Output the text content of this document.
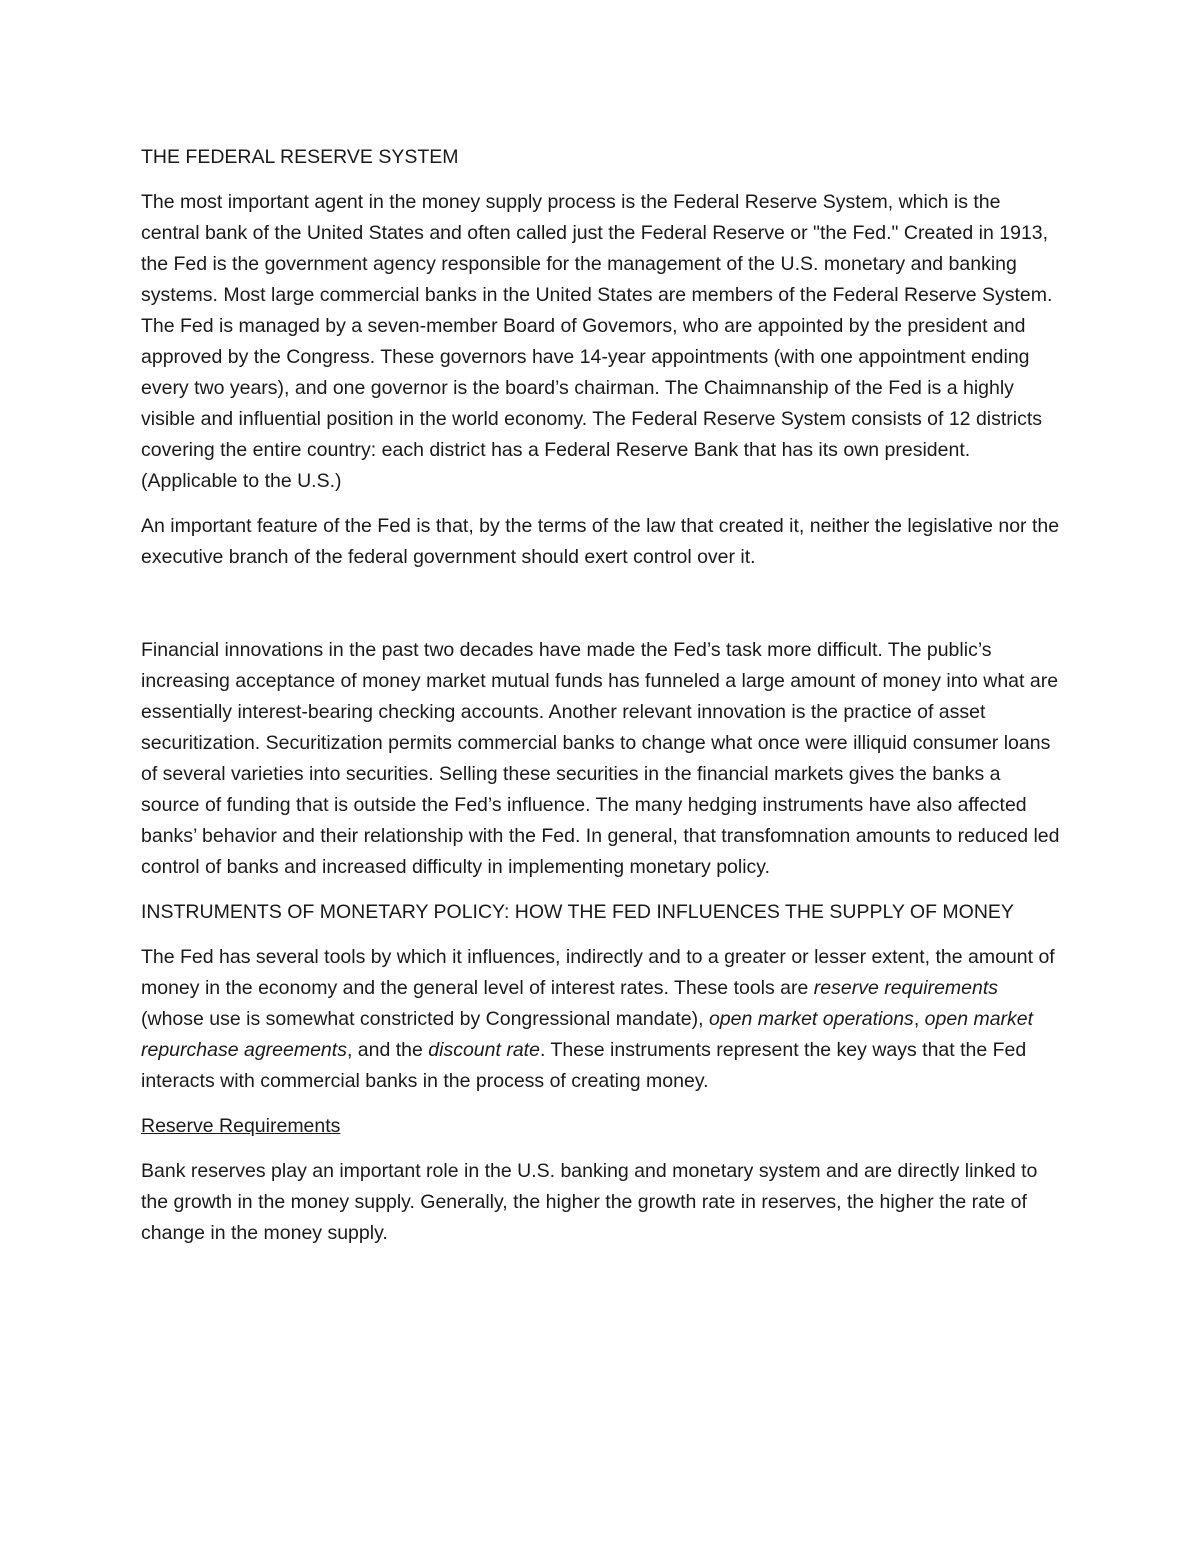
THE FEDERAL RESERVE SYSTEM

The most important agent in the money supply process is the Federal Reserve System, which is the central bank of the United States and often called just the Federal Reserve or "the Fed." Created in 1913, the Fed is the government agency responsible for the management of the U.S. monetary and banking systems. Most large commercial banks in the United States are members of the Federal Reserve System. The Fed is managed by a seven-member Board of Govemors, who are appointed by the president and approved by the Congress. These governors have 14-year appointments (with one appointment ending every two years), and one governor is the board’s chairman. The Chaimnanship of the Fed is a highly visible and influential position in the world economy. The Federal Reserve System consists of 12 districts covering the entire country: each district has a Federal Reserve Bank that has its own president. (Applicable to the U.S.)

An important feature of the Fed is that, by the terms of the law that created it, neither the legislative nor the executive branch of the federal government should exert control over it.

Financial innovations in the past two decades have made the Fed’s task more difficult. The public’s increasing acceptance of money market mutual funds has funneled a large amount of money into what are essentially interest-bearing checking accounts. Another relevant innovation is the practice of asset securitization. Securitization permits commercial banks to change what once were illiquid consumer loans of several varieties into securities. Selling these securities in the financial markets gives the banks a source of funding that is outside the Fed’s influence. The many hedging instruments have also affected banks’ behavior and their relationship with the Fed. In general, that transfomnation amounts to reduced led control of banks and increased difficulty in implementing monetary policy.

INSTRUMENTS OF MONETARY POLICY: HOW THE FED INFLUENCES THE SUPPLY OF MONEY

The Fed has several tools by which it influences, indirectly and to a greater or lesser extent, the amount of money in the economy and the general level of interest rates. These tools are reserve requirements (whose use is somewhat constricted by Congressional mandate), open market operations, open market repurchase agreements, and the discount rate. These instruments represent the key ways that the Fed interacts with commercial banks in the process of creating money.

Reserve Requirements

Bank reserves play an important role in the U.S. banking and monetary system and are directly linked to the growth in the money supply. Generally, the higher the growth rate in reserves, the higher the rate of change in the money supply.
